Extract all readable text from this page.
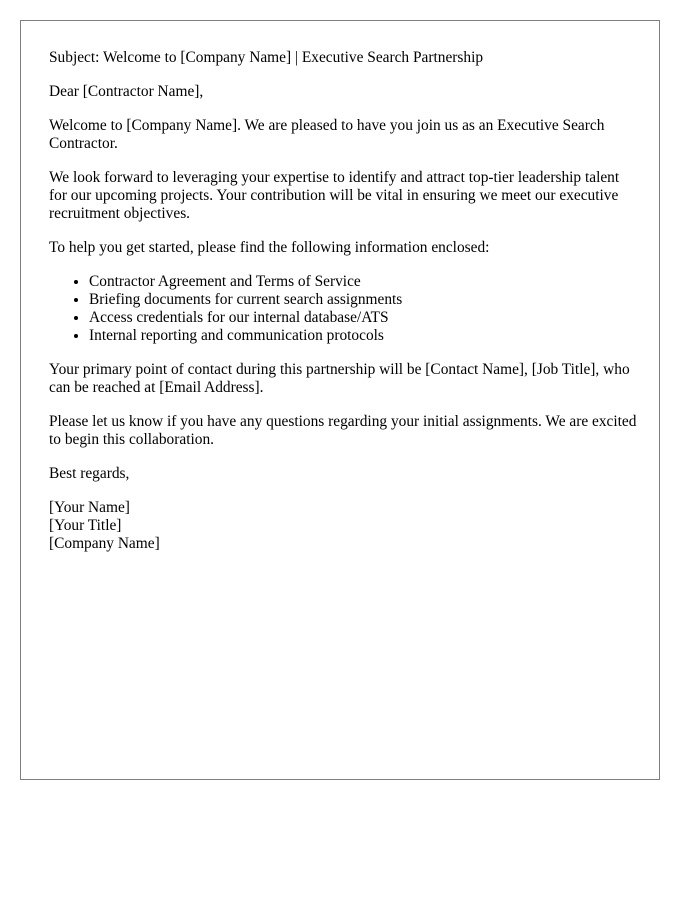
Subject: Welcome to [Company Name] | Executive Search Partnership

Dear [Contractor Name],

Welcome to [Company Name]. We are pleased to have you join us as an Executive Search Contractor.

We look forward to leveraging your expertise to identify and attract top-tier leadership talent for our upcoming projects. Your contribution will be vital in ensuring we meet our executive recruitment objectives.

To help you get started, please find the following information enclosed:

• Contractor Agreement and Terms of Service
• Briefing documents for current search assignments
• Access credentials for our internal database/ATS
• Internal reporting and communication protocols

Your primary point of contact during this partnership will be [Contact Name], [Job Title], who can be reached at [Email Address].

Please let us know if you have any questions regarding your initial assignments. We are excited to begin this collaboration.

Best regards,

[Your Name]

[Your Title]

[Company Name]
